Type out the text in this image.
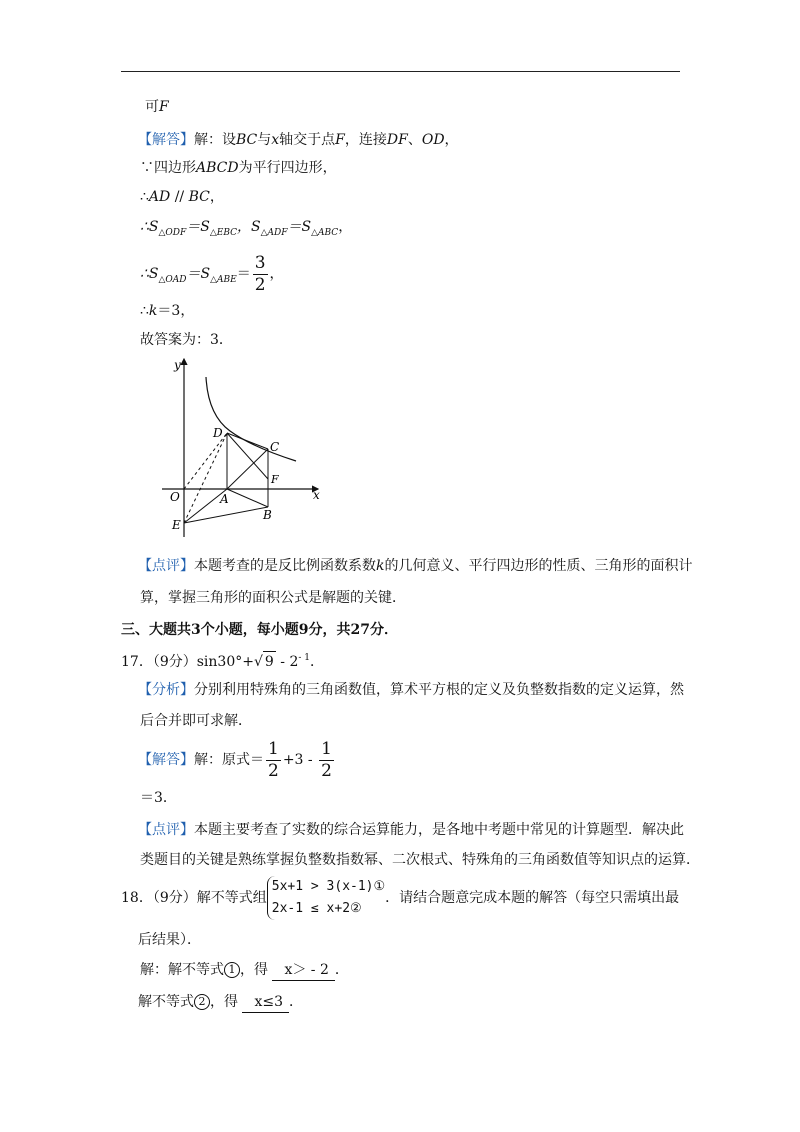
可F
【解答】解：设BC与x轴交于点F，连接DF、OD，
∵四边形ABCD为平行四边形，
∴AD // BC，
$\therefore S_{\triangle ODF}=S_{\triangle EBC}$，$S_{\triangle ADF}=S_{\triangle ABC}$，
$\therefore S_{\triangle OAD}=S_{\triangle ABE}= \frac{3}{2}$ ，
∴k＝3，
故答案为：3．
y
x
O	A
B
C
D
E
F
【点评】本题考查的是反比例函数系数k的几何意义、平行四边形的性质、三角形的面积计
算，掌握三角形的面积公式是解题的关键．
三、大题共3个小题，每小题9分，共27分．
17．（9分）sin30°+√ $9 - 2^{- 1}$．
【分析】分别利用特殊角的三角函数值，算术平方根的定义及负整数指数的定义运算，然
后合并即可求解．
【解答】解：原式＝ $\frac{1}{2} +3 - \frac{1}{2}$
＝3．
【点评】本题主要考查了实数的综合运算能力，是各地中考题中常见的计算题型．解决此
类题目的关键是熟练掌握负整数指数幂、二次根式、特殊角的三角函数值等知识点的运算．
18．（9分）解不等式组
5x+1 > 3(x-1)①
2x-1 ≤ x+2②
．请结合题意完成本题的解答（每空只需填出最
后结果）．
解：解不等式 1 ，得 x＞ - 2 ．
解不等式 2 ，得 x≤3 ．
